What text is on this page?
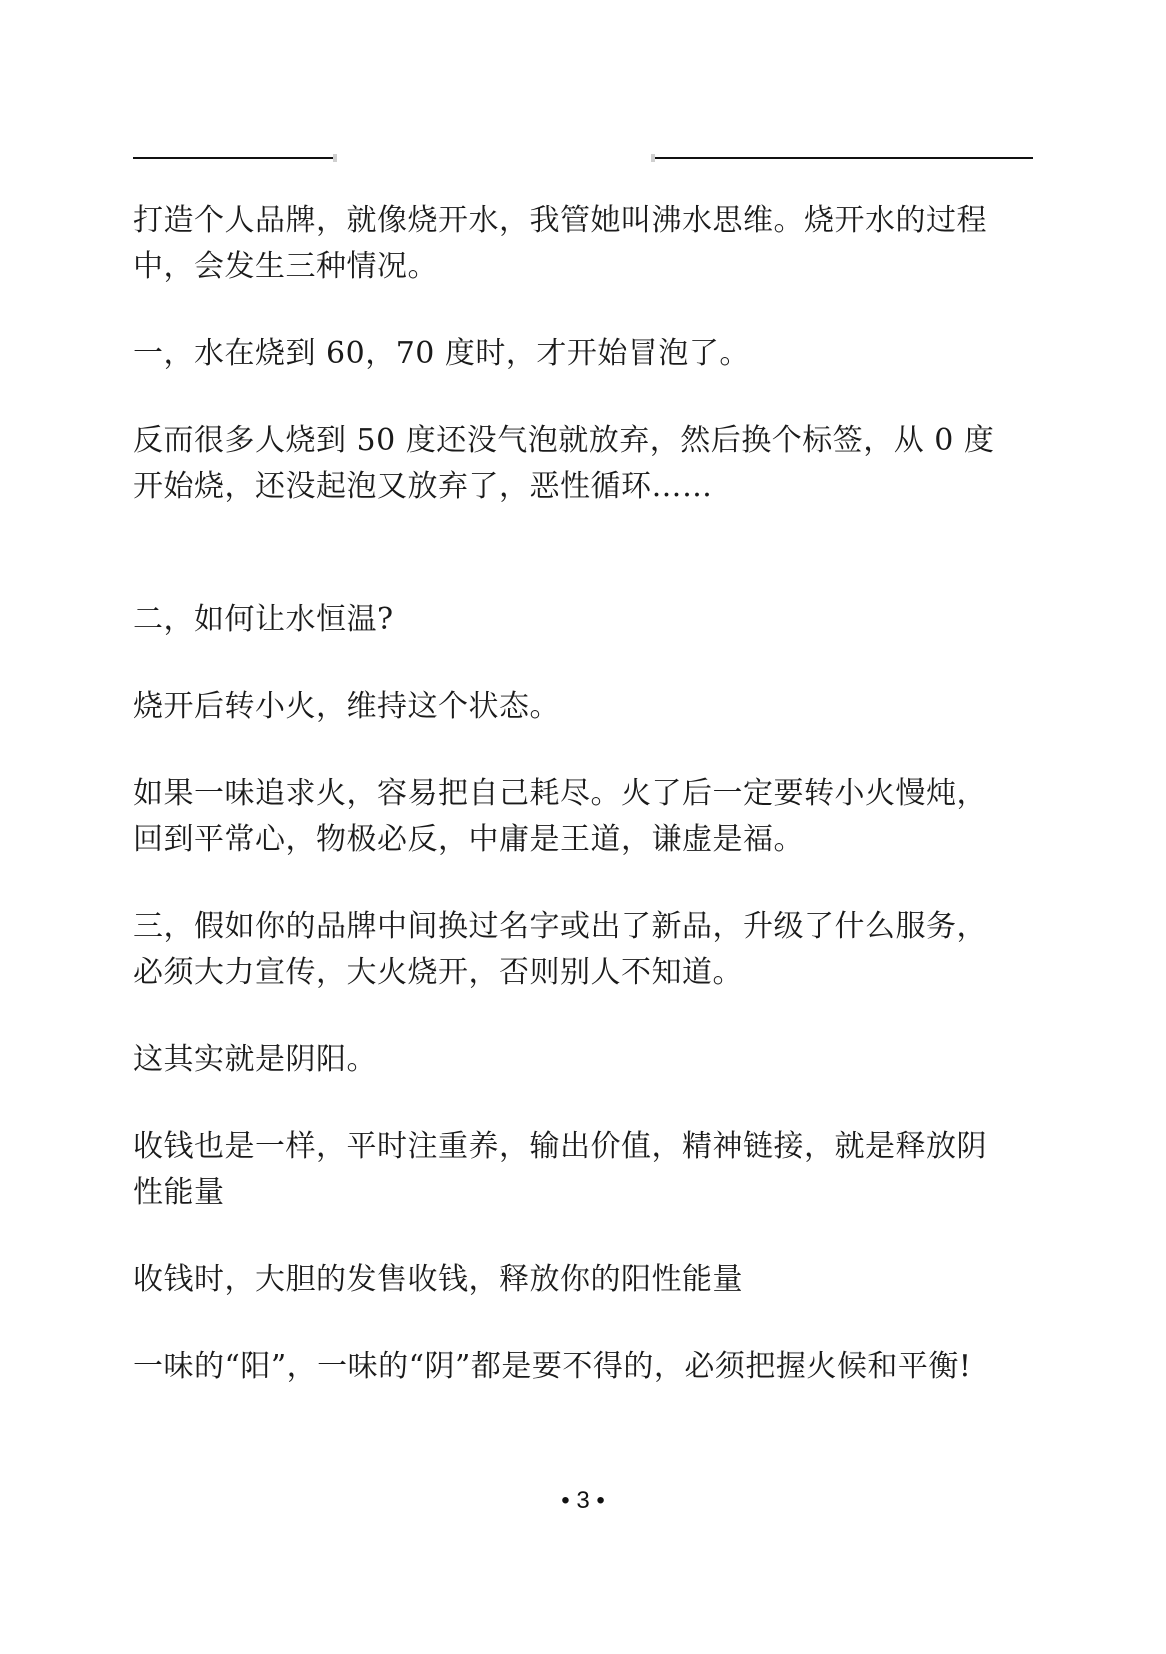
打造个人品牌，就像烧开水，我管她叫沸水思维。烧开水的过程中，会发生三种情况。

一，水在烧到 60，70 度时，才开始冒泡了。

反而很多人烧到 50 度还没气泡就放弃，然后换个标签，从 0 度开始烧，还没起泡又放弃了，恶性循环……

二，如何让水恒温?

烧开后转小火，维持这个状态。

如果一味追求火，容易把自己耗尽。火了后一定要转小火慢炖，回到平常心，物极必反，中庸是王道，谦虚是福。

三，假如你的品牌中间换过名字或出了新品，升级了什么服务，必须大力宣传，大火烧开，否则别人不知道。

这其实就是阴阳。

收钱也是一样，平时注重养，输出价值，精神链接，就是释放阴性能量

收钱时，大胆的发售收钱，释放你的阳性能量

一味的“阳”，一味的“阴”都是要不得的，必须把握火候和平衡!

• 3 •
